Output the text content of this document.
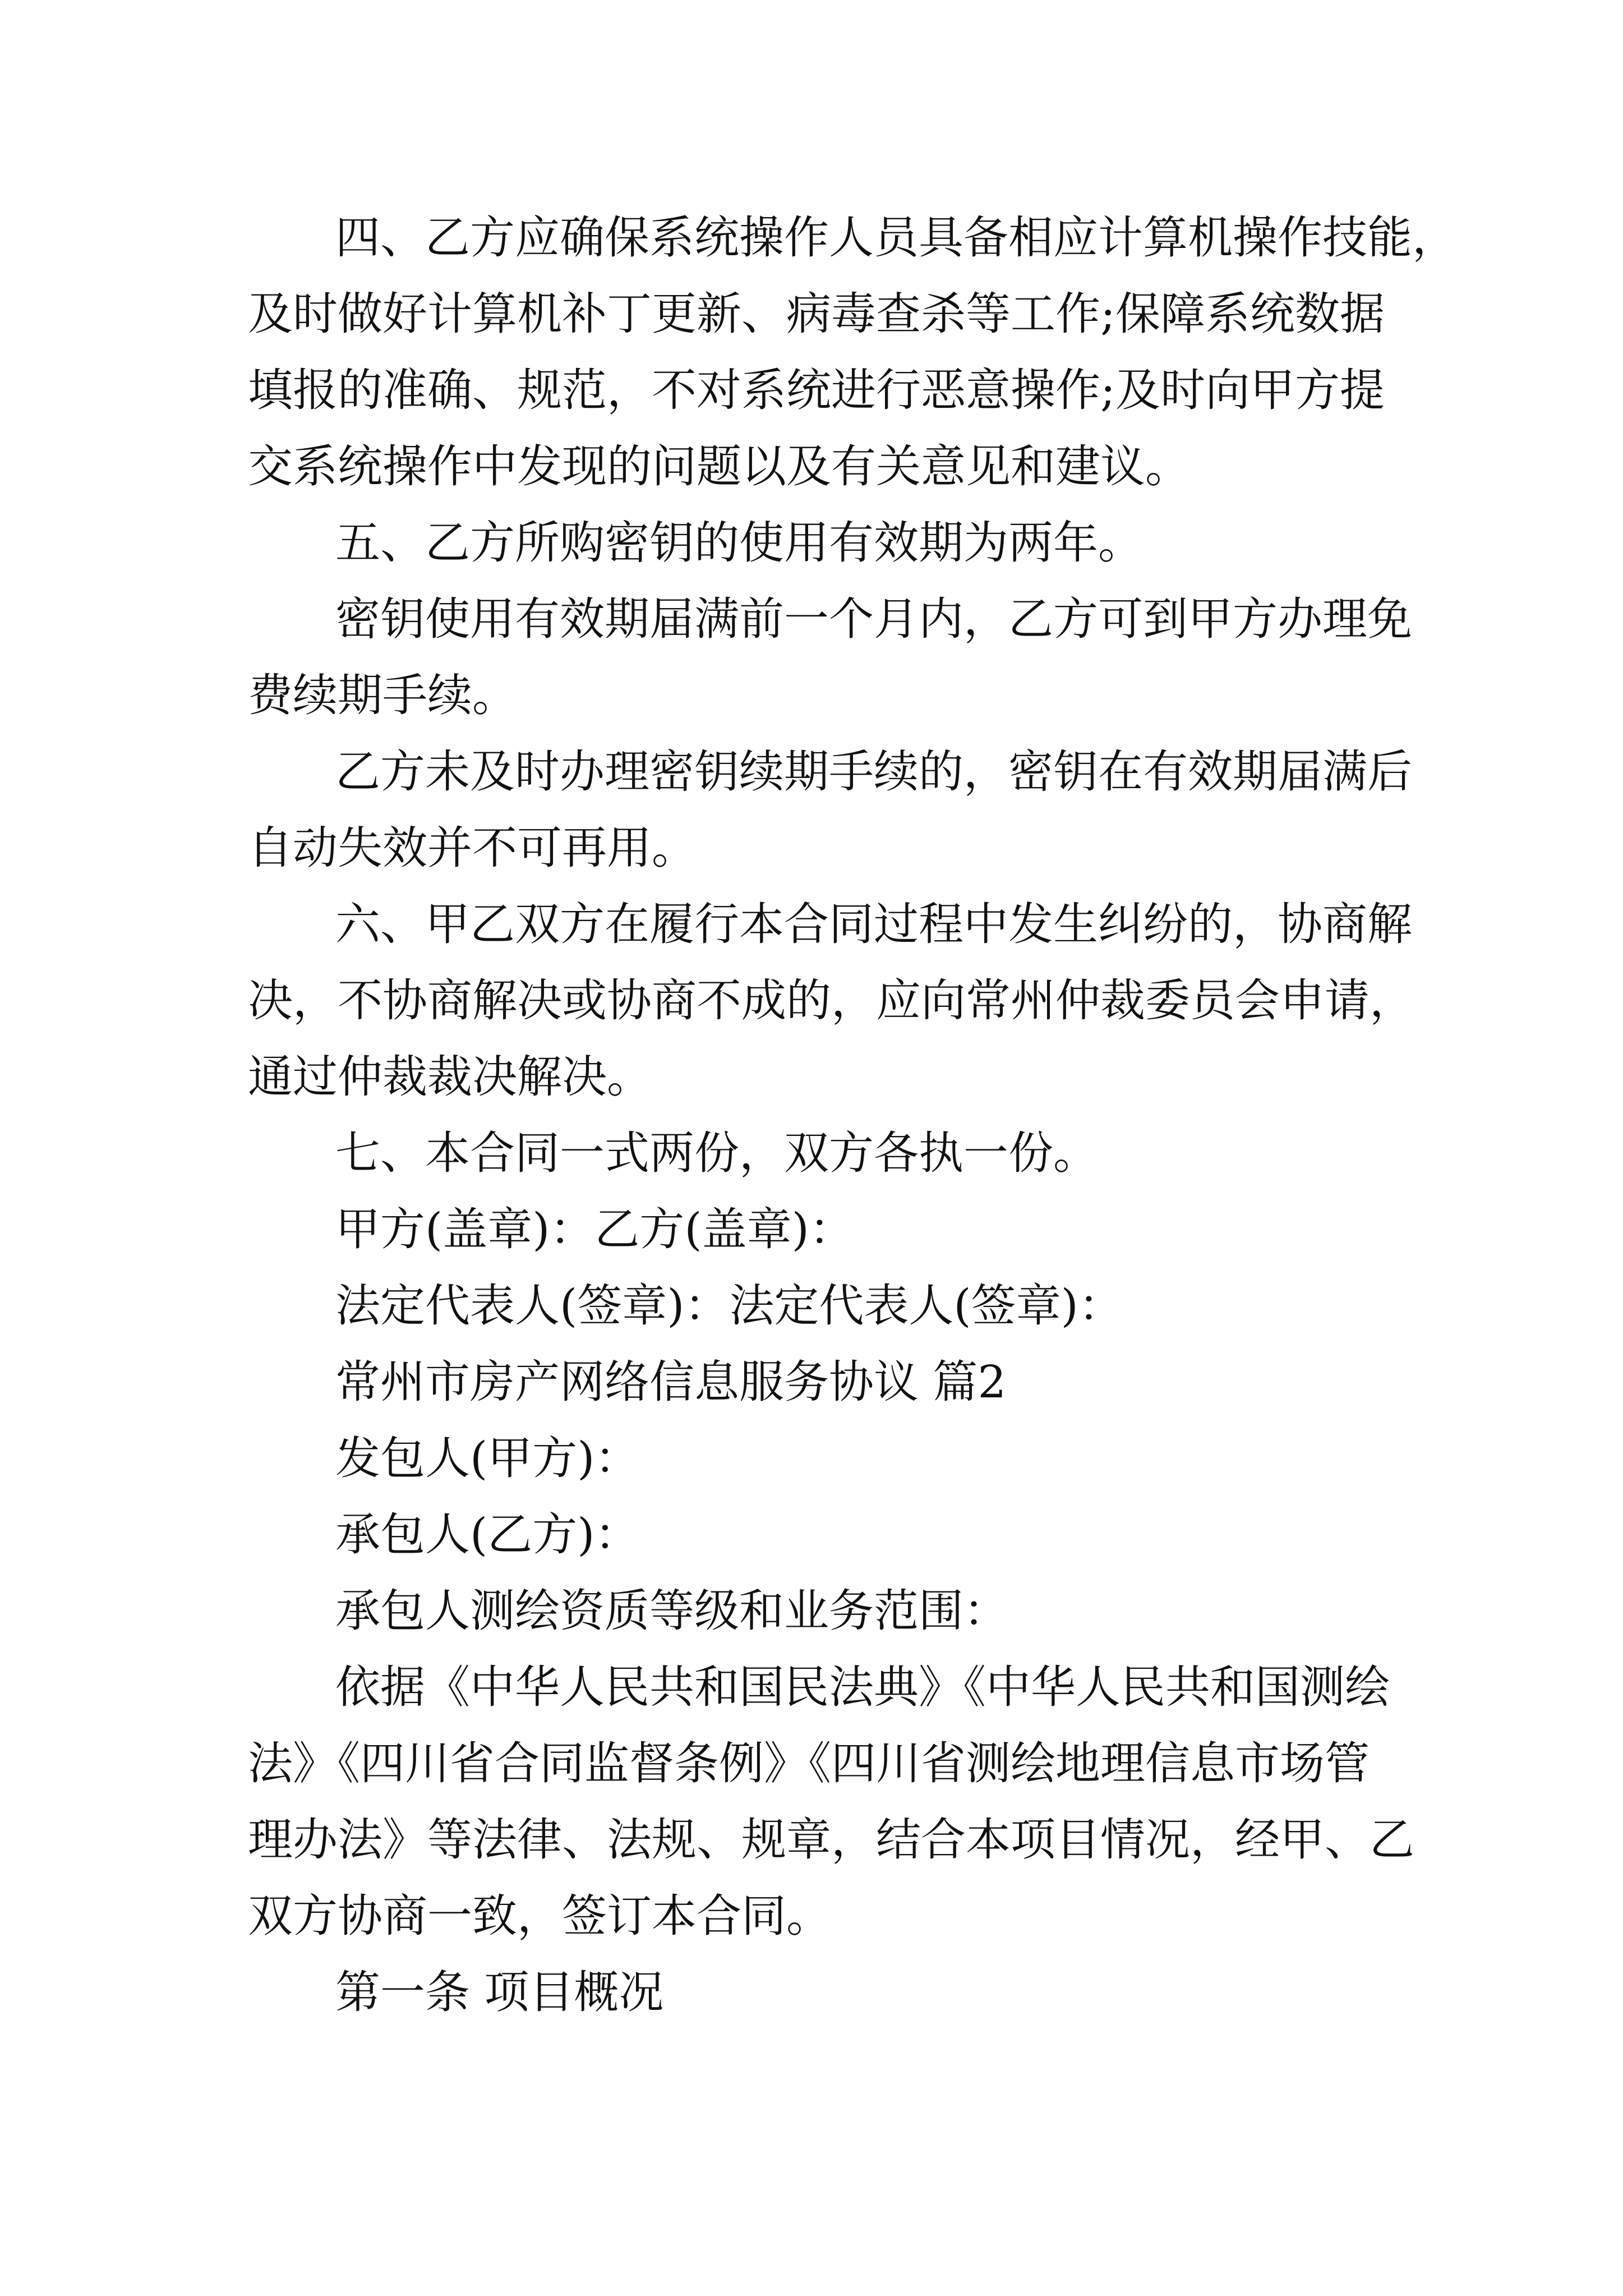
四、乙方应确保系统操作人员具备相应计算机操作技能，
及时做好计算机补丁更新、病毒查杀等工作;保障系统数据
填报的准确、规范，不对系统进行恶意操作;及时向甲方提
交系统操作中发现的问题以及有关意见和建议。
五、乙方所购密钥的使用有效期为两年。
密钥使用有效期届满前一个月内，乙方可到甲方办理免
费续期手续。
乙方未及时办理密钥续期手续的，密钥在有效期届满后
自动失效并不可再用。
六、甲乙双方在履行本合同过程中发生纠纷的，协商解
决，不协商解决或协商不成的，应向常州仲裁委员会申请，
通过仲裁裁决解决。
七、本合同一式两份，双方各执一份。
甲方(盖章)：乙方(盖章)：
法定代表人(签章)：法定代表人(签章)：
常州市房产网络信息服务协议 篇2
发包人(甲方)：
承包人(乙方)：
承包人测绘资质等级和业务范围：
依据《中华人民共和国民法典》《中华人民共和国测绘
法》《四川省合同监督条例》《四川省测绘地理信息市场管
理办法》等法律、法规、规章，结合本项目情况，经甲、乙
双方协商一致，签订本合同。
第一条 项目概况
